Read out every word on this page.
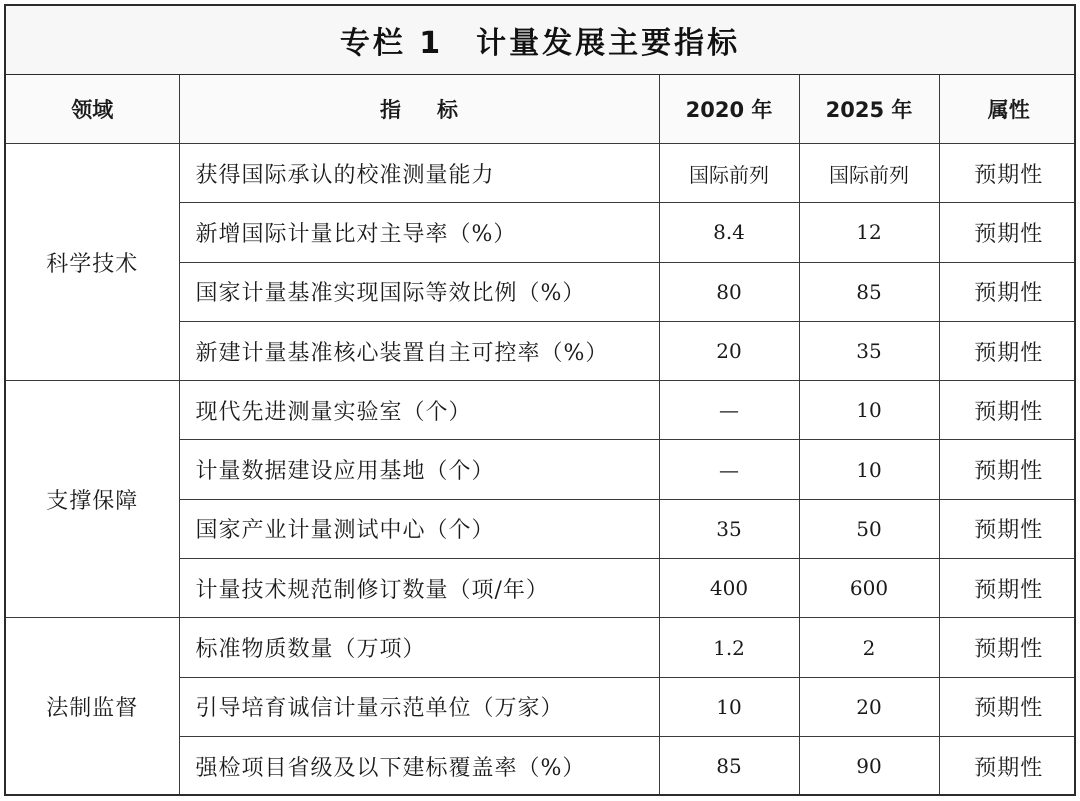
专栏 1　计量发展主要指标
领域	指标	2020 年	2025 年	属性
科学技术	获得国际承认的校准测量能力	国际前列	国际前列	预期性
	新增国际计量比对主导率（%）	8.4	12	预期性
	国家计量基准实现国际等效比例（%）	80	85	预期性
	新建计量基准核心装置自主可控率（%）	20	35	预期性
支撑保障	现代先进测量实验室（个）	—	10	预期性
	计量数据建设应用基地（个）	—	10	预期性
	国家产业计量测试中心（个）	35	50	预期性
	计量技术规范制修订数量（项/年）	400	600	预期性
法制监督	标准物质数量（万项）	1.2	2	预期性
	引导培育诚信计量示范单位（万家）	10	20	预期性
	强检项目省级及以下建标覆盖率（%）	85	90	预期性
